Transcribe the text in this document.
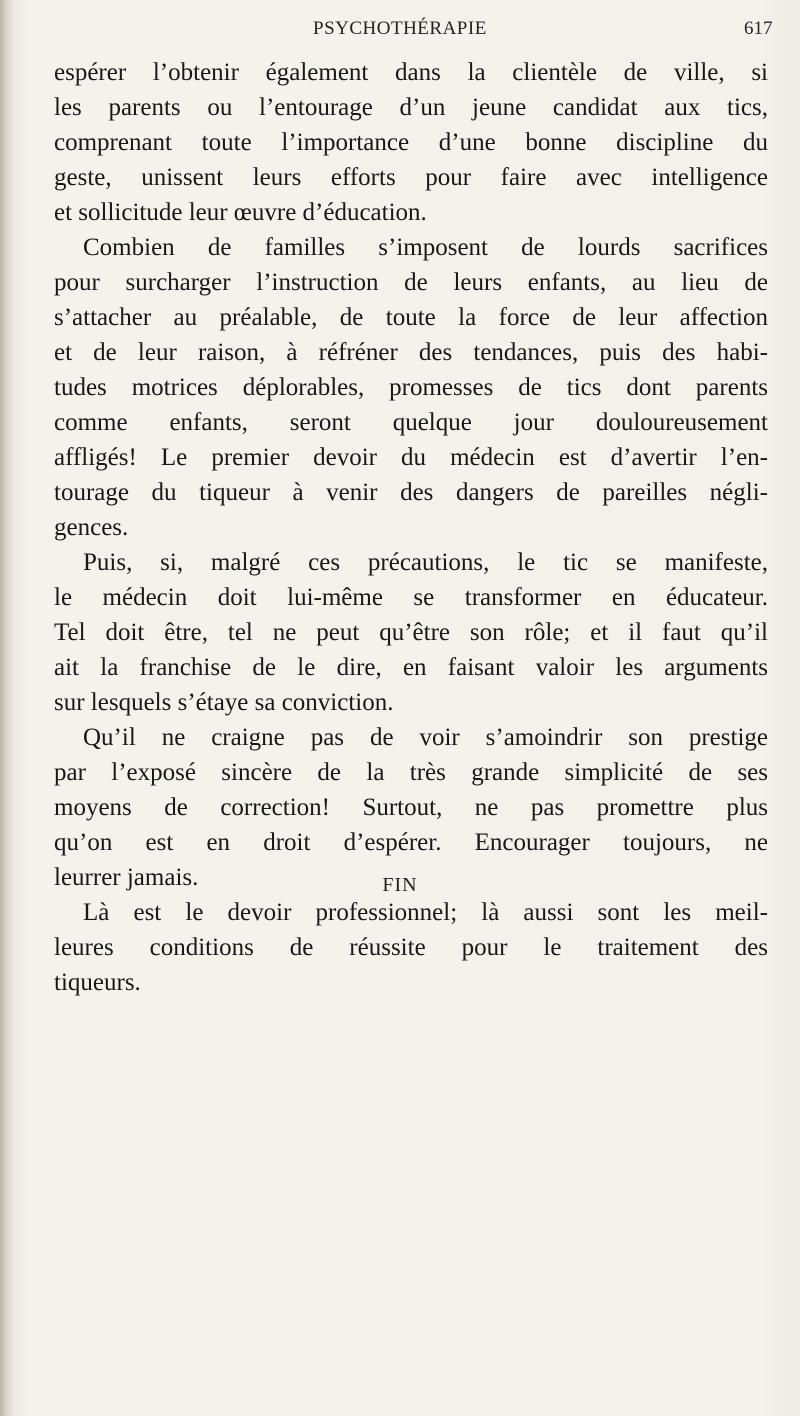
PSYCHOTHÉRAPIE	617
espérer l’obtenir également dans la clientèle de ville, si
les parents ou l’entourage d’un jeune candidat aux tics,
comprenant toute l’importance d’une bonne discipline du
geste, unissent leurs efforts pour faire avec intelligence
et sollicitude leur œuvre d’éducation.
Combien de familles s’imposent de lourds sacrifices
pour surcharger l’instruction de leurs enfants, au lieu de
s’attacher au préalable, de toute la force de leur affection
et de leur raison, à réfréner des tendances, puis des habi-
tudes motrices déplorables, promesses de tics dont parents
comme enfants, seront quelque jour douloureusement
affligés! Le premier devoir du médecin est d’avertir l’en-
tourage du tiqueur à venir des dangers de pareilles négli-
gences.
Puis, si, malgré ces précautions, le tic se manifeste,
le médecin doit lui-même se transformer en éducateur.
Tel doit être, tel ne peut qu’être son rôle; et il faut qu’il
ait la franchise de le dire, en faisant valoir les arguments
sur lesquels s’étaye sa conviction.
Qu’il ne craigne pas de voir s’amoindrir son prestige
par l’exposé sincère de la très grande simplicité de ses
moyens de correction! Surtout, ne pas promettre plus
qu’on est en droit d’espérer. Encourager toujours, ne
leurrer jamais.
Là est le devoir professionnel; là aussi sont les meil-
leures conditions de réussite pour le traitement des
tiqueurs.
FIN
